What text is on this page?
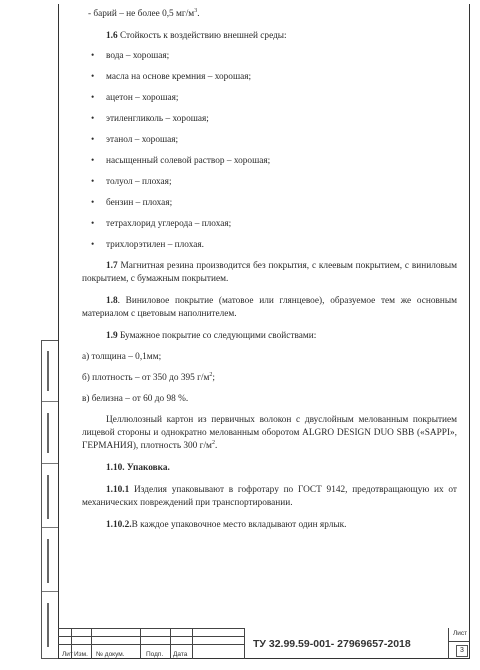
- барий – не более 0,5 $мг/м^3$.

1.6 Стойкость к воздействию внешней среды:

• вода – хорошая;

• масла на основе кремния – хорошая;

• ацетон – хорошая;

• этиленгликоль – хорошая;

• этанол – хорошая;

• насыщенный солевой раствор – хорошая;

• толуол – плохая;

• бензин – плохая;

• тетрахлорид углерода – плохая;

• трихлорэтилен – плохая.

1.7 Магнитная резина производится без покрытия, с клеевым покрытием, с виниловым покрытием, с бумажным покрытием.

1.8. Виниловое покрытие (матовое или глянцевое), образуемое тем же основным материалом с цветовым наполнителем.

1.9 Бумажное покрытие со следующими свойствами:

а) толщина – 0,1мм;

б) плотность – от 350 до 395 $г/м^2$;

в) белизна – от 60 до 98 %.

Целлюлозный картон из первичных волокон с двуслойным мелованным покрытием лицевой стороны и однократно мелованным оборотом ALGRO DESIGN DUO SBB («SAPPI», ГЕРМАНИЯ), плотность 300 $г/м^2$.

1.10. Упаковка.

1.10.1 Изделия упаковывают в гофротару по ГОСТ 9142, предотвращающую их от механических повреждений при транспортировании.

1.10.2.В каждое упаковочное место вкладывают один ярлык.

Лит Изм. № докум.	Подп. Дата
ТУ 32.99.59-001- 27969657-2018
Лист
3
